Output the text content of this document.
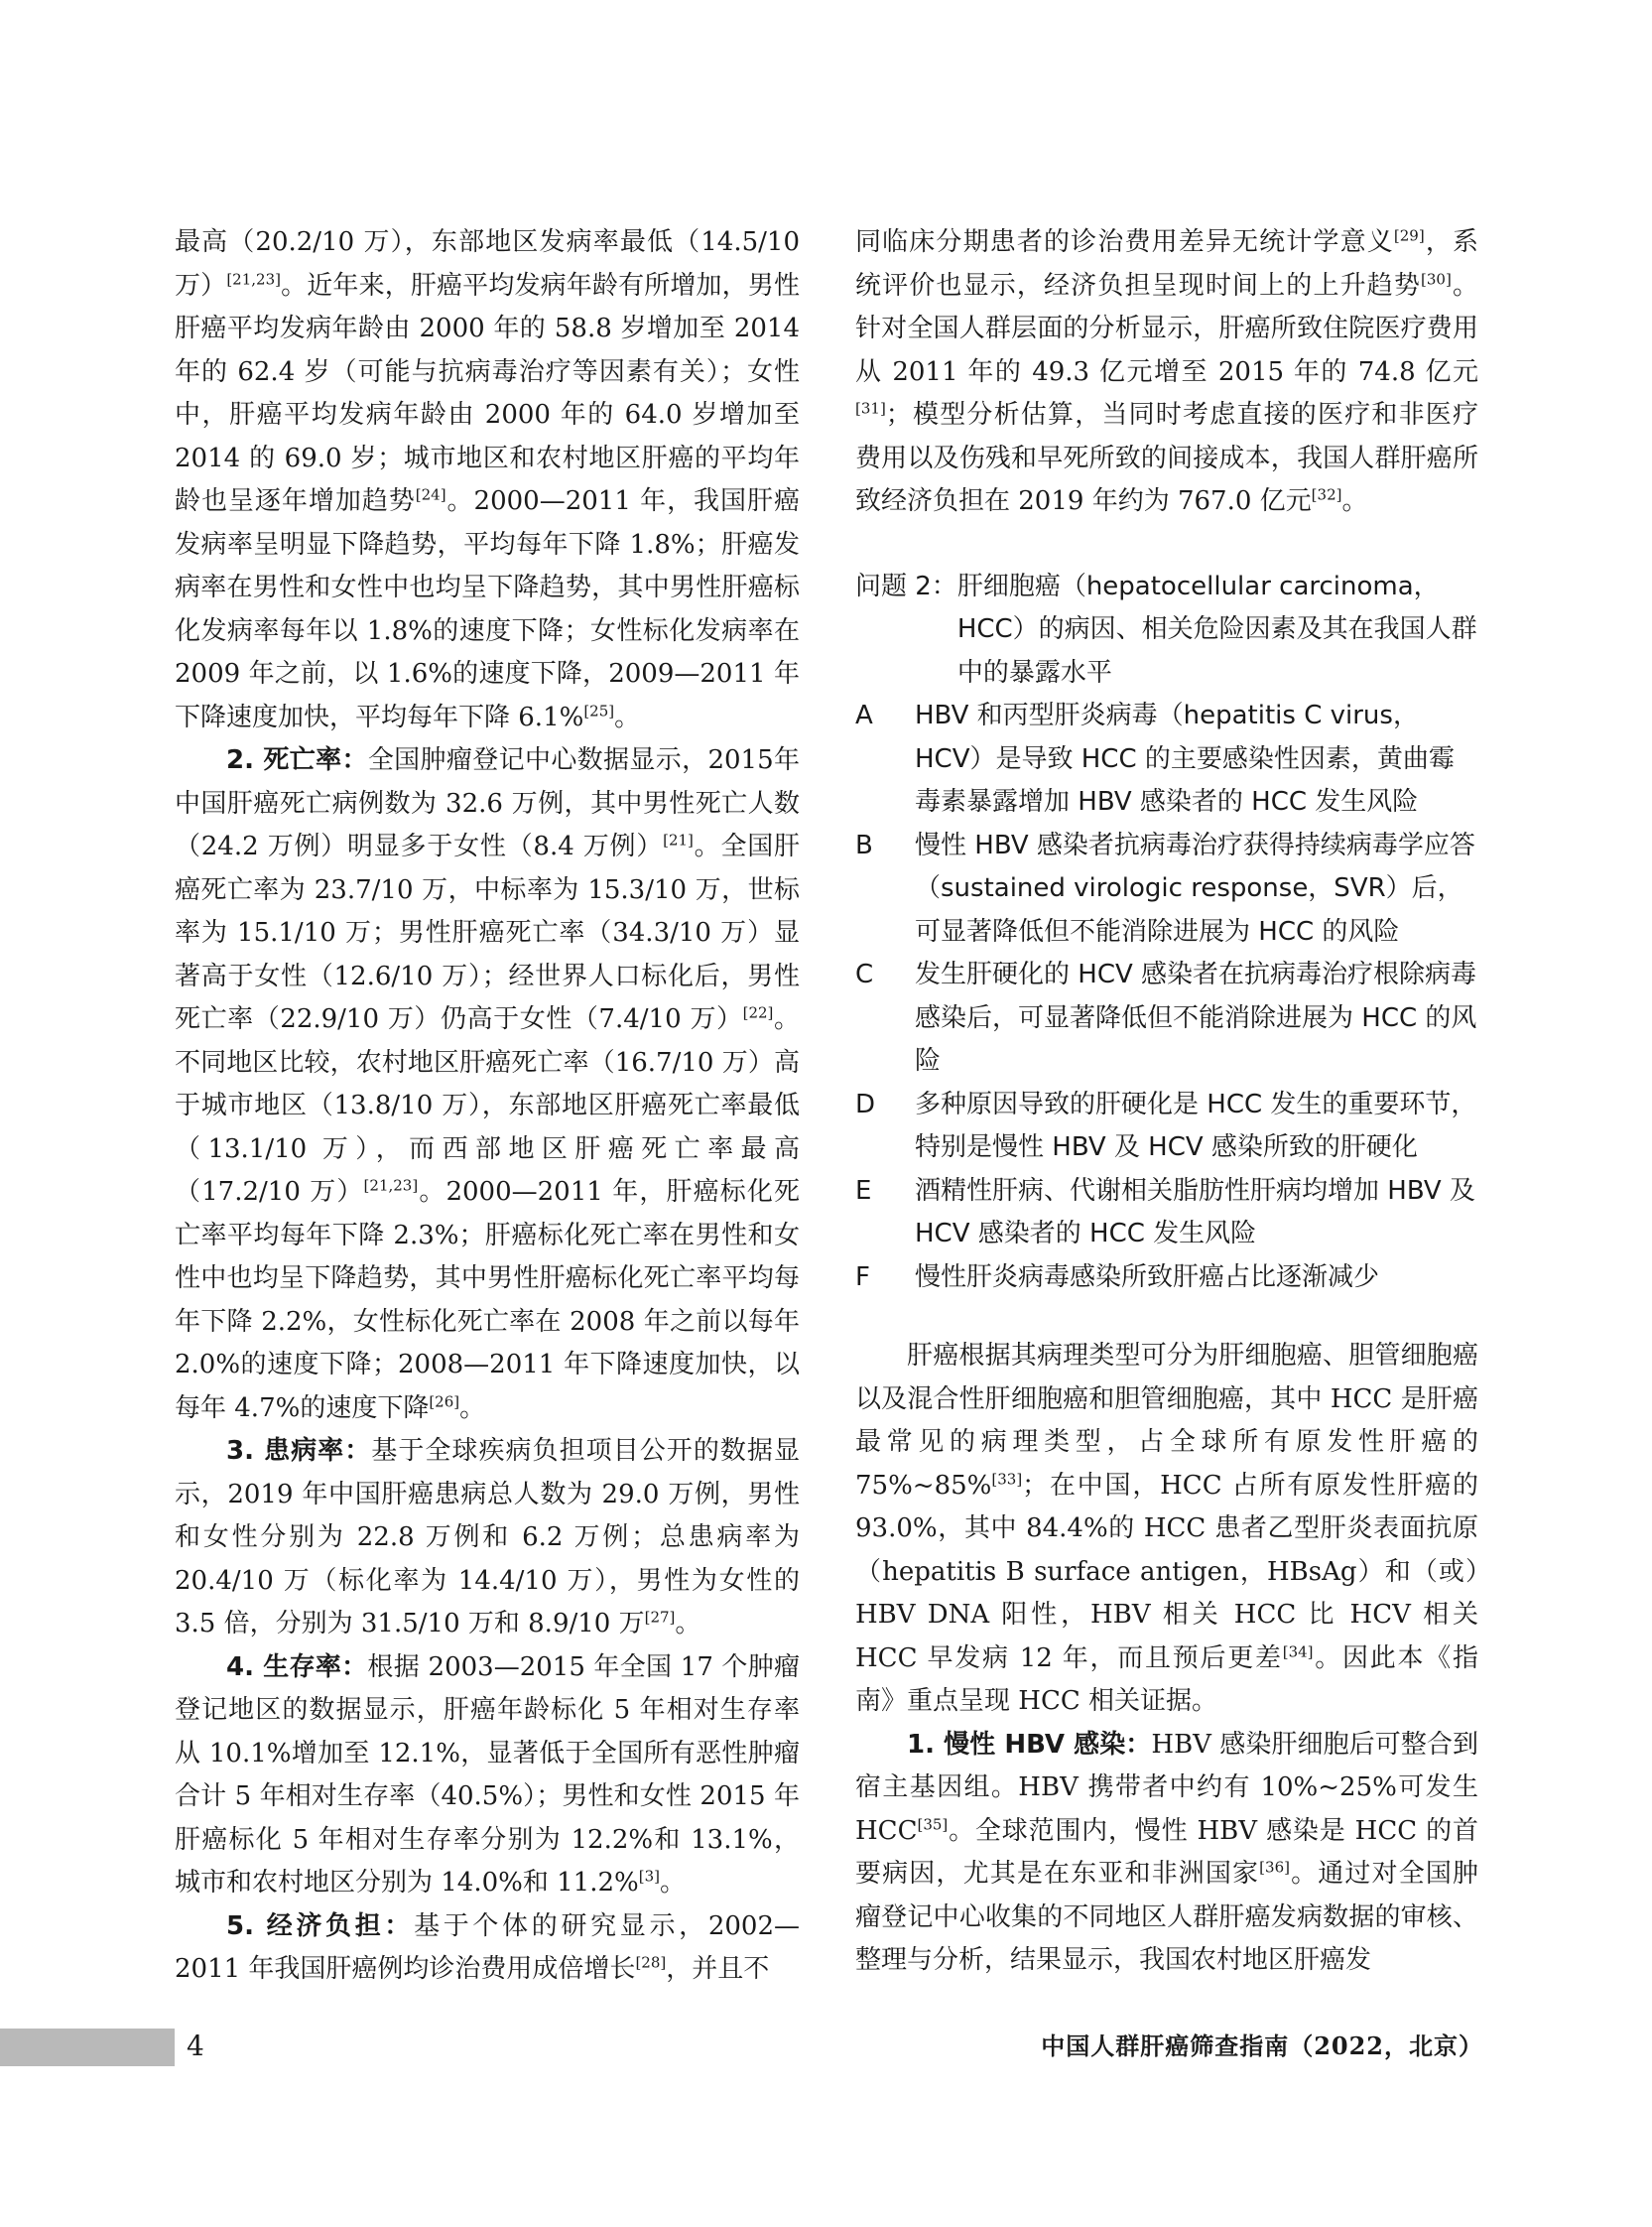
最高（20.2/10 万），东部地区发病率最低（14.5/10 万）[21,23]。近年来，肝癌平均发病年龄有所增加，男性肝癌平均发病年龄由 2000 年的 58.8 岁增加至 2014 年的 62.4 岁（可能与抗病毒治疗等因素有关）；女性中，肝癌平均发病年龄由 2000 年的 64.0 岁增加至 2014 的 69.0 岁；城市地区和农村地区肝癌的平均年龄也呈逐年增加趋势[24]。2000—2011 年，我国肝癌发病率呈明显下降趋势，平均每年下降 1.8%；肝癌发病率在男性和女性中也均呈下降趋势，其中男性肝癌标化发病率每年以 1.8%的速度下降；女性标化发病率在 2009 年之前，以 1.6%的速度下降，2009—2011 年下降速度加快，平均每年下降 6.1%[25]。

2. 死亡率：全国肿瘤登记中心数据显示，2015年中国肝癌死亡病例数为 32.6 万例，其中男性死亡人数（24.2 万例）明显多于女性（8.4 万例）[21]。全国肝癌死亡率为 23.7/10 万，中标率为 15.3/10 万，世标率为 15.1/10 万；男性肝癌死亡率（34.3/10 万）显著高于女性（12.6/10 万）；经世界人口标化后，男性死亡率（22.9/10 万）仍高于女性（7.4/10 万）[22]。不同地区比较，农村地区肝癌死亡率（16.7/10 万）高于城市地区（13.8/10 万），东部地区肝癌死亡率最低（13.1/10 万），而西部地区肝癌死亡率最高（17.2/10 万）[21,23]。2000—2011 年，肝癌标化死亡率平均每年下降 2.3%；肝癌标化死亡率在男性和女性中也均呈下降趋势，其中男性肝癌标化死亡率平均每年下降 2.2%，女性标化死亡率在 2008 年之前以每年 2.0%的速度下降；2008—2011 年下降速度加快，以每年 4.7%的速度下降[26]。

3. 患病率：基于全球疾病负担项目公开的数据显示，2019 年中国肝癌患病总人数为 29.0 万例，男性和女性分别为 22.8 万例和 6.2 万例；总患病率为 20.4/10 万（标化率为 14.4/10 万），男性为女性的 3.5 倍，分别为 31.5/10 万和 8.9/10 万[27]。

4. 生存率：根据 2003—2015 年全国 17 个肿瘤登记地区的数据显示，肝癌年龄标化 5 年相对生存率从 10.1%增加至 12.1%，显著低于全国所有恶性肿瘤合计 5 年相对生存率（40.5%）；男性和女性 2015 年肝癌标化 5 年相对生存率分别为 12.2%和 13.1%，城市和农村地区分别为 14.0%和 11.2%[3]。

5. 经济负担：基于个体的研究显示，2002—2011 年我国肝癌例均诊治费用成倍增长[28]，并且不

同临床分期患者的诊治费用差异无统计学意义[29]，系统评价也显示，经济负担呈现时间上的上升趋势[30]。针对全国人群层面的分析显示，肝癌所致住院医疗费用从 2011 年的 49.3 亿元增至 2015 年的 74.8 亿元[31]；模型分析估算，当同时考虑直接的医疗和非医疗费用以及伤残和早死所致的间接成本，我国人群肝癌所致经济负担在 2019 年约为 767.0 亿元[32]。

问题 2： 肝细胞癌（hepatocellular carcinoma，HCC）的病因、相关危险因素及其在我国人群中的暴露水平
A	HBV 和丙型肝炎病毒（hepatitis C virus，HCV）是导致 HCC 的主要感染性因素，黄曲霉毒素暴露增加 HBV 感染者的 HCC 发生风险
B	慢性 HBV 感染者抗病毒治疗获得持续病毒学应答（sustained virologic response，SVR）后，可显著降低但不能消除进展为 HCC 的风险
C	发生肝硬化的 HCV 感染者在抗病毒治疗根除病毒感染后，可显著降低但不能消除进展为 HCC 的风险
D	多种原因导致的肝硬化是 HCC 发生的重要环节，特别是慢性 HBV 及 HCV 感染所致的肝硬化
E	酒精性肝病、代谢相关脂肪性肝病均增加 HBV 及 HCV 感染者的 HCC 发生风险
F	慢性肝炎病毒感染所致肝癌占比逐渐减少

肝癌根据其病理类型可分为肝细胞癌、胆管细胞癌以及混合性肝细胞癌和胆管细胞癌，其中 HCC 是肝癌最常见的病理类型，占全球所有原发性肝癌的 75%~85%[33]；在中国，HCC 占所有原发性肝癌的 93.0%，其中 84.4%的 HCC 患者乙型肝炎表面抗原（hepatitis B surface antigen，HBsAg）和（或）HBV DNA 阳性，HBV 相关 HCC 比 HCV 相关 HCC 早发病 12 年，而且预后更差[34]。因此本《指南》重点呈现 HCC 相关证据。

1. 慢性 HBV 感染：HBV 感染肝细胞后可整合到宿主基因组。HBV 携带者中约有 10%~25%可发生 HCC[35]。全球范围内，慢性 HBV 感染是 HCC 的首要病因，尤其是在东亚和非洲国家[36]。通过对全国肿瘤登记中心收集的不同地区人群肝癌发病数据的审核、整理与分析，结果显示，我国农村地区肝癌发

4	中国人群肝癌筛查指南（2022，北京）
